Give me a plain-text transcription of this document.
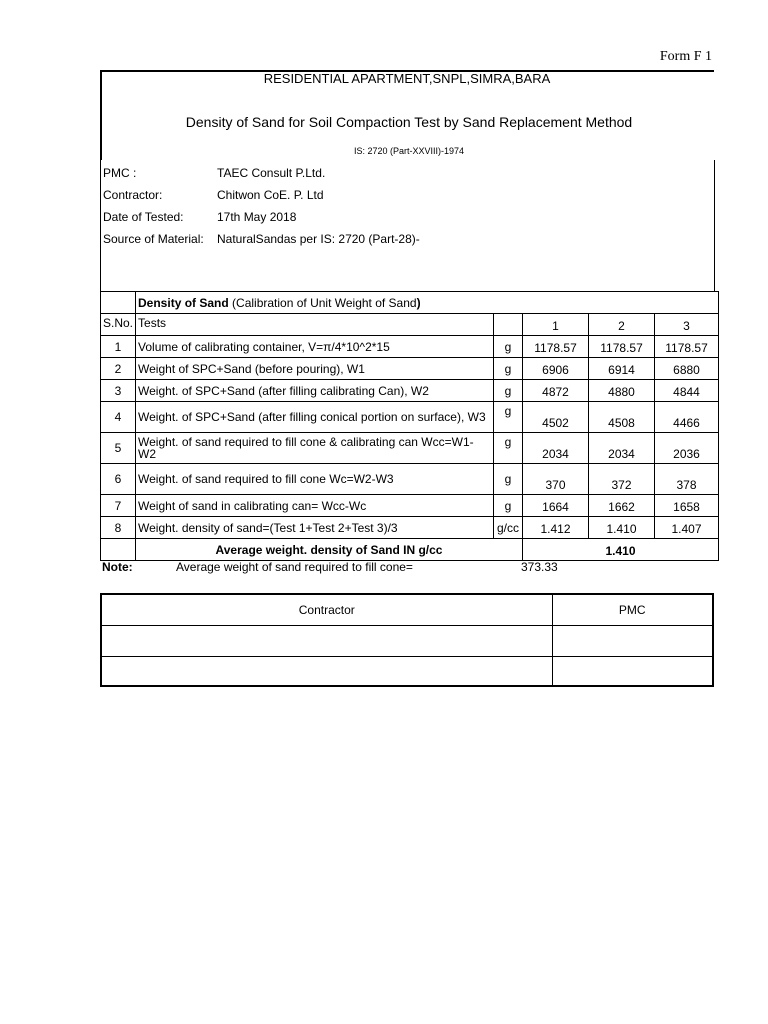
Form F 1
RESIDENTIAL APARTMENT,SNPL,SIMRA,BARA
Density of Sand for Soil Compaction Test by Sand Replacement Method
IS: 2720 (Part-XXVIII)-1974
PMC :	TAEC Consult P.Ltd.
Contractor:	Chitwon CoE. P. Ltd
Date of Tested:	17th May 2018
Source of Material: NaturalSandas per IS: 2720 (Part-28)-
	Density of Sand (Calibration of Unit Weight of Sand)				
S.No.	Tests		1	2	3
1	Volume of calibrating container, V=π/4*10^2*15	g	1178.57	1178.57	1178.57
2	Weight of SPC+Sand (before pouring), W1	g	6906	6914	6880
3	Weight. of SPC+Sand (after filling calibrating Can), W2	g	4872	4880	4844
4	Weight. of SPC+Sand (after filling conical portion on surface), W3	g	4502	4508	4466
5	Weight. of sand required to fill cone & calibrating can Wcc=W1-W2	g	2034	2034	2036
6	Weight. of sand required to fill cone Wc=W2-W3	g	370	372	378
7	Weight of sand in calibrating can= Wcc-Wc	g	1664	1662	1658
8	Weight. density of sand=(Test 1+Test 2+Test 3)/3	g/cc	1.412	1.410	1.407
	Average weight. density of Sand IN g/cc		1.410		
Note:	Average weight of sand required to fill cone=	373.33
Contractor	PMC
